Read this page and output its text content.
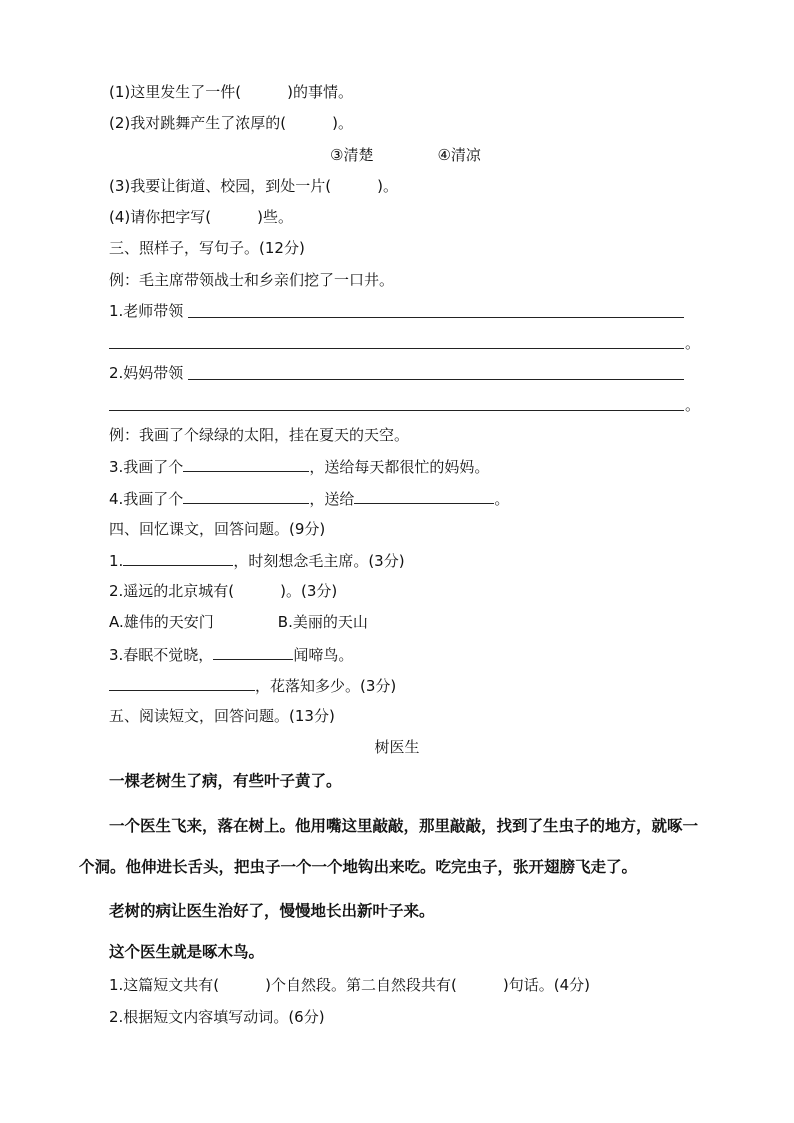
(1)这里发生了一件(	)的事情。
(2)我对跳舞产生了浓厚的(	)。
③清楚	④清凉
(3)我要让街道、校园，到处一片(	)。
(4)请你把字写(	)些。
三、照样子，写句子。(12分)
例：毛主席带领战士和乡亲们挖了一口井。
1.老师带领
。
2.妈妈带领
。
例：我画了个绿绿的太阳，挂在夏天的天空。
3.我画了个	，送给每天都很忙的妈妈。
4.我画了个	，送给	。
四、回忆课文，回答问题。(9分)
1.	，时刻想念毛主席。(3分)
2.遥远的北京城有(	)。(3分)
A.雄伟的天安门	B.美丽的天山
3.春眠不觉晓，	闻啼鸟。
，花落知多少。(3分)
五、阅读短文，回答问题。(13分)
树医生
一棵老树生了病，有些叶子黄了。
一个医生飞来，落在树上。他用嘴这里敲敲，那里敲敲，找到了生虫子的地方，就啄一
个洞。他伸进长舌头，把虫子一个一个地钩出来吃。吃完虫子，张开翅膀飞走了。
老树的病让医生治好了，慢慢地长出新叶子来。
这个医生就是啄木鸟。
1.这篇短文共有(	)个自然段。第二自然段共有(	)句话。(4分)
2.根据短文内容填写动词。(6分)
